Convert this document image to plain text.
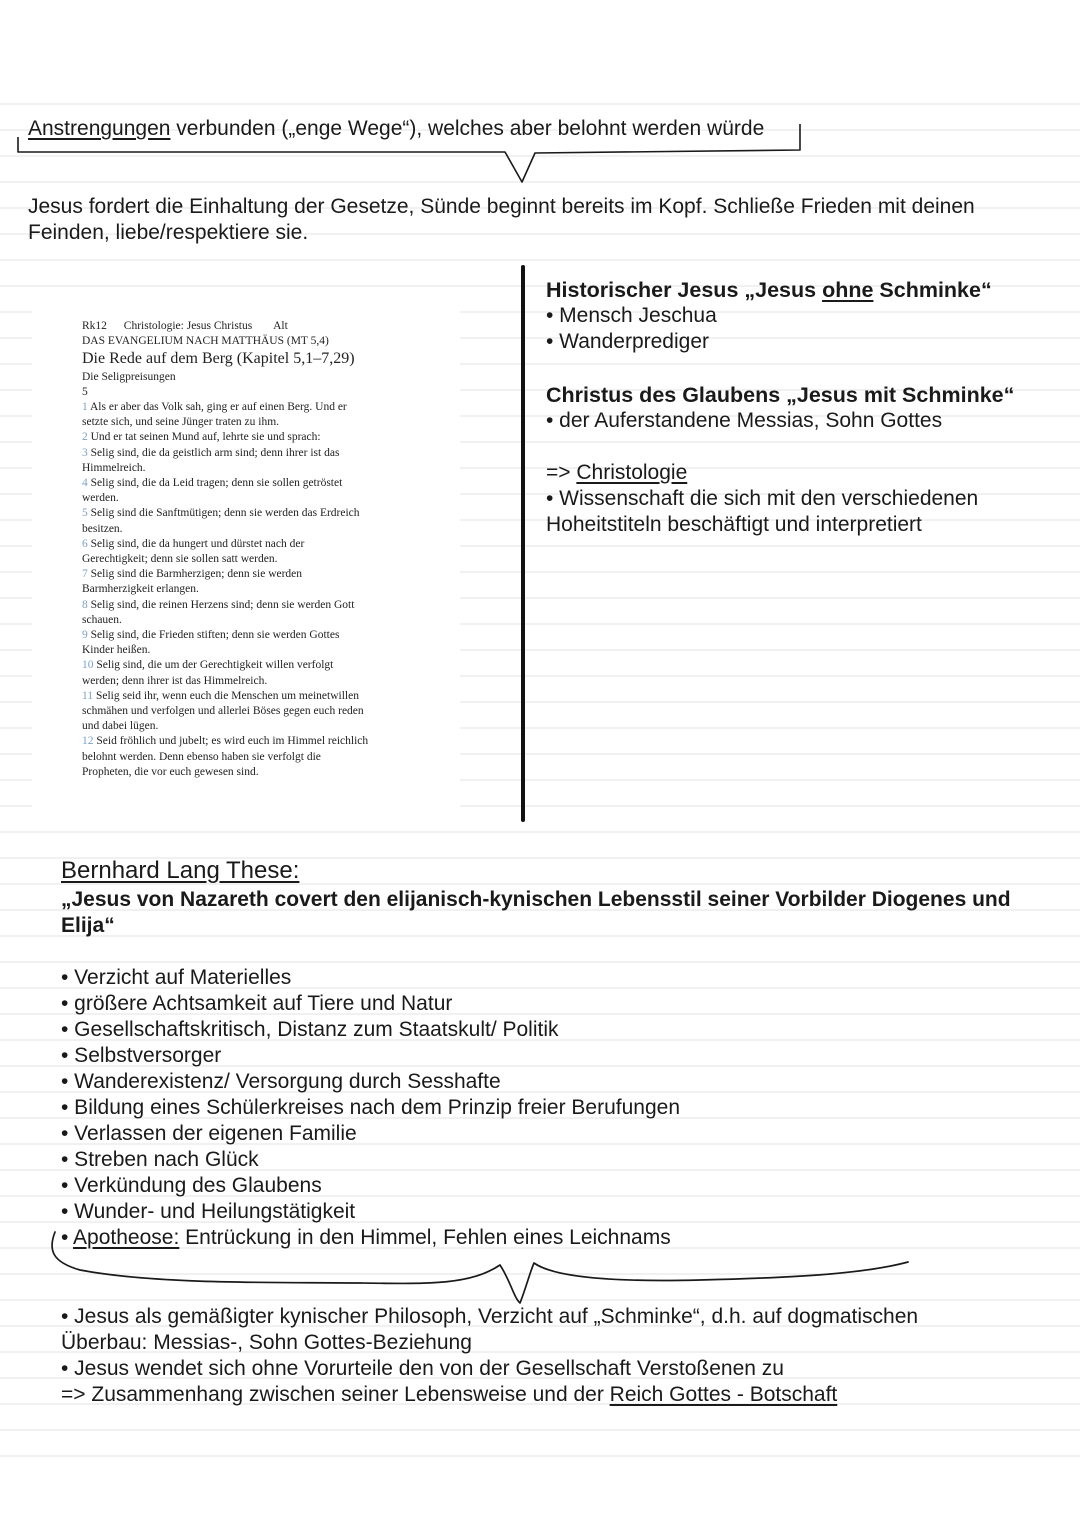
Anstrengungen verbunden („enge Wege“), welches aber belohnt werden würde
Jesus fordert die Einhaltung der Gesetze, Sünde beginnt bereits im Kopf. Schließe Frieden mit deinen
Feinden, liebe/respektiere sie.
Rk12 Christologie: Jesus Christus Alt
DAS EVANGELIUM NACH MATTHÄUS (MT 5,4)
Die Rede auf dem Berg (Kapitel 5,1–7,29)
Die Seligpreisungen
5
1 Als er aber das Volk sah, ging er auf einen Berg. Und er
setzte sich, und seine Jünger traten zu ihm.
2 Und er tat seinen Mund auf, lehrte sie und sprach:
3 Selig sind, die da geistlich arm sind; denn ihrer ist das
Himmelreich.
4 Selig sind, die da Leid tragen; denn sie sollen getröstet
werden.
5 Selig sind die Sanftmütigen; denn sie werden das Erdreich
besitzen.
6 Selig sind, die da hungert und dürstet nach der
Gerechtigkeit; denn sie sollen satt werden.
7 Selig sind die Barmherzigen; denn sie werden
Barmherzigkeit erlangen.
8 Selig sind, die reinen Herzens sind; denn sie werden Gott
schauen.
9 Selig sind, die Frieden stiften; denn sie werden Gottes
Kinder heißen.
10 Selig sind, die um der Gerechtigkeit willen verfolgt
werden; denn ihrer ist das Himmelreich.
11 Selig seid ihr, wenn euch die Menschen um meinetwillen
schmähen und verfolgen und allerlei Böses gegen euch reden
und dabei lügen.
12 Seid fröhlich und jubelt; es wird euch im Himmel reichlich
belohnt werden. Denn ebenso haben sie verfolgt die
Propheten, die vor euch gewesen sind.
Historischer Jesus „Jesus ohne Schminke“
• Mensch Jeschua
• Wanderprediger
Christus des Glaubens „Jesus mit Schminke“
• der Auferstandene Messias, Sohn Gottes
=> Christologie
• Wissenschaft die sich mit den verschiedenen
Hoheitstiteln beschäftigt und interpretiert
Bernhard Lang These:
„Jesus von Nazareth covert den elijanisch-kynischen Lebensstil seiner Vorbilder Diogenes und
Elija“
• Verzicht auf Materielles
• größere Achtsamkeit auf Tiere und Natur
• Gesellschaftskritisch, Distanz zum Staatskult/ Politik
• Selbstversorger
• Wanderexistenz/ Versorgung durch Sesshafte
• Bildung eines Schülerkreises nach dem Prinzip freier Berufungen
• Verlassen der eigenen Familie
• Streben nach Glück
• Verkündung des Glaubens
• Wunder- und Heilungstätigkeit
• Apotheose: Entrückung in den Himmel, Fehlen eines Leichnams
• Jesus als gemäßigter kynischer Philosoph, Verzicht auf „Schminke“, d.h. auf dogmatischen
Überbau: Messias-, Sohn Gottes-Beziehung
• Jesus wendet sich ohne Vorurteile den von der Gesellschaft Verstoßenen zu
=> Zusammenhang zwischen seiner Lebensweise und der Reich Gottes - Botschaft
